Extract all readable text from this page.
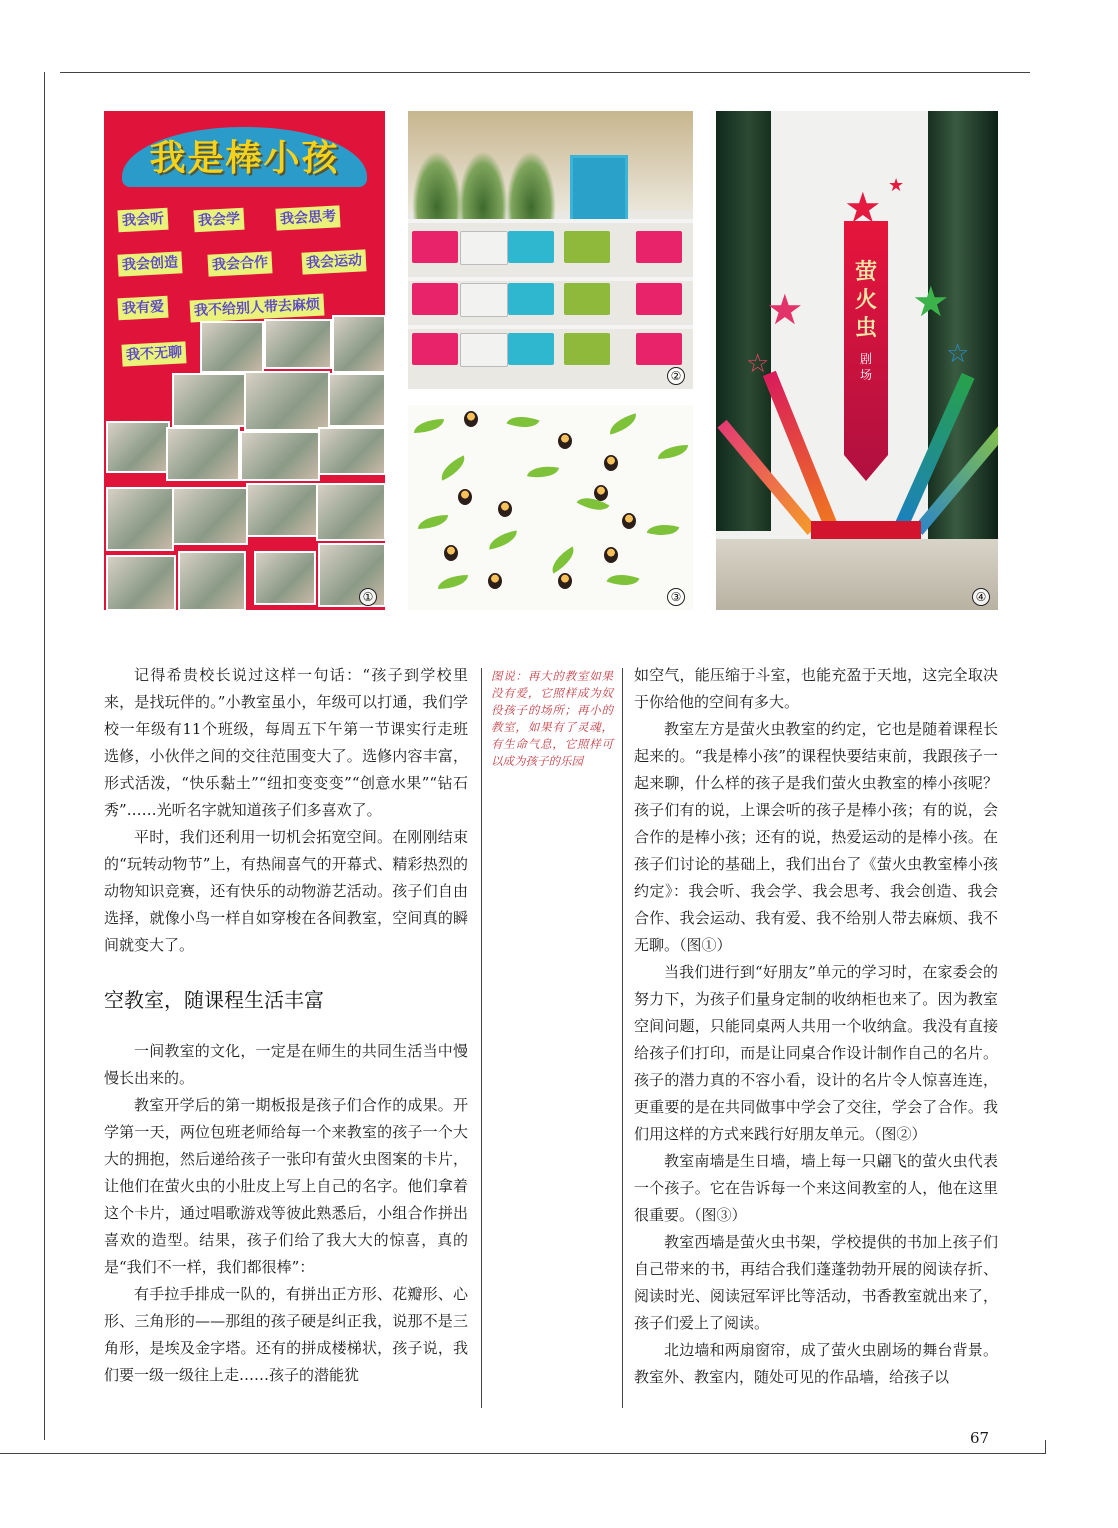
我是棒小孩
我会听 我会学	我会思考
我会创造 我会合作	我会运动
我有爱 我不给别人带去麻烦
我不无聊
①
②
③
★
★	★
☆	☆
★
萤
火
虫
剧
场
④

记得希贵校长说过这样一句话：“孩子到学校里来，是找玩伴的。”小教室虽小，年级可以打通，我们学校一年级有11个班级，每周五下午第一节课实行走班选修，小伙伴之间的交往范围变大了。选修内容丰富，形式活泼，“快乐黏土”“纽扣变变变”“创意水果”“钻石秀”……光听名字就知道孩子们多喜欢了。

平时，我们还利用一切机会拓宽空间。在刚刚结束的“玩转动物节”上，有热闹喜气的开幕式、精彩热烈的动物知识竞赛，还有快乐的动物游艺活动。孩子们自由选择，就像小鸟一样自如穿梭在各间教室，空间真的瞬间就变大了。

空教室，随课程生活丰富

一间教室的文化，一定是在师生的共同生活当中慢慢长出来的。

教室开学后的第一期板报是孩子们合作的成果。开学第一天，两位包班老师给每一个来教室的孩子一个大大的拥抱，然后递给孩子一张印有萤火虫图案的卡片，让他们在萤火虫的小肚皮上写上自己的名字。他们拿着这个卡片，通过唱歌游戏等彼此熟悉后，小组合作拼出喜欢的造型。结果，孩子们给了我大大的惊喜，真的是“我们不一样，我们都很棒”：

有手拉手排成一队的，有拼出正方形、花瓣形、心形、三角形的——那组的孩子硬是纠正我，说那不是三角形，是埃及金字塔。还有的拼成楼梯状，孩子说，我们要一级一级往上走……孩子的潜能犹

图说：再大的教室如果没有爱，它照样成为奴役孩子的场所；再小的教室，如果有了灵魂，有生命气息，它照样可以成为孩子的乐园

如空气，能压缩于斗室，也能充盈于天地，这完全取决于你给他的空间有多大。

教室左方是萤火虫教室的约定，它也是随着课程长起来的。“我是棒小孩”的课程快要结束前，我跟孩子一起来聊，什么样的孩子是我们萤火虫教室的棒小孩呢？孩子们有的说，上课会听的孩子是棒小孩；有的说，会合作的是棒小孩；还有的说，热爱运动的是棒小孩。在孩子们讨论的基础上，我们出台了《萤火虫教室棒小孩约定》：我会听、我会学、我会思考、我会创造、我会合作、我会运动、我有爱、我不给别人带去麻烦、我不无聊。（图①）

当我们进行到“好朋友”单元的学习时，在家委会的努力下，为孩子们量身定制的收纳柜也来了。因为教室空间问题，只能同桌两人共用一个收纳盒。我没有直接给孩子们打印，而是让同桌合作设计制作自己的名片。孩子的潜力真的不容小看，设计的名片令人惊喜连连，更重要的是在共同做事中学会了交往，学会了合作。我们用这样的方式来践行好朋友单元。（图②）

教室南墙是生日墙，墙上每一只翩飞的萤火虫代表一个孩子。它在告诉每一个来这间教室的人，他在这里很重要。（图③）

教室西墙是萤火虫书架，学校提供的书加上孩子们自己带来的书，再结合我们蓬蓬勃勃开展的阅读存折、阅读时光、阅读冠军评比等活动，书香教室就出来了，孩子们爱上了阅读。

北边墙和两扇窗帘，成了萤火虫剧场的舞台背景。教室外、教室内，随处可见的作品墙，给孩子以

67
